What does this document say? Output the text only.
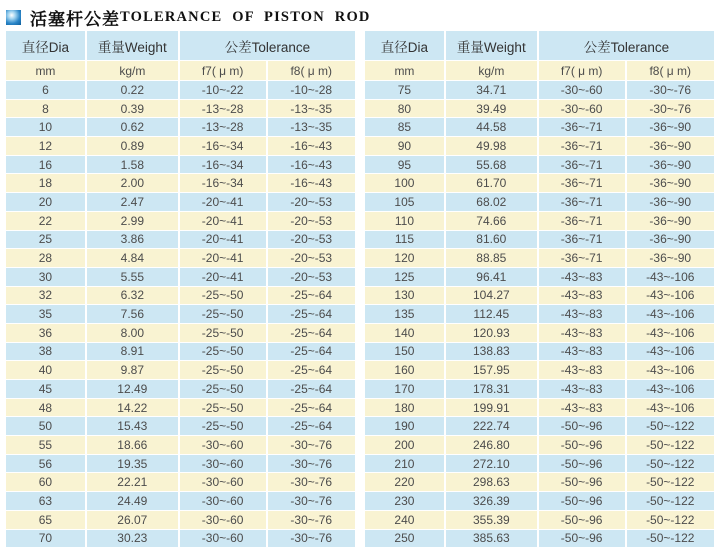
活塞杆公差 TOLERANCE OF PISTON ROD
直径Dia	重量Weight	公差Tolerance	
mm	kg/m	f7( μ m)	f8( μ m)
6	0.22	-10~-22	-10~-28
8	0.39	-13~-28	-13~-35
10	0.62	-13~-28	-13~-35
12	0.89	-16~-34	-16~-43
16	1.58	-16~-34	-16~-43
18	2.00	-16~-34	-16~-43
20	2.47	-20~-41	-20~-53
22	2.99	-20~-41	-20~-53
25	3.86	-20~-41	-20~-53
28	4.84	-20~-41	-20~-53
30	5.55	-20~-41	-20~-53
32	6.32	-25~-50	-25~-64
35	7.56	-25~-50	-25~-64
36	8.00	-25~-50	-25~-64
38	8.91	-25~-50	-25~-64
40	9.87	-25~-50	-25~-64
45	12.49	-25~-50	-25~-64
48	14.22	-25~-50	-25~-64
50	15.43	-25~-50	-25~-64
55	18.66	-30~-60	-30~-76
56	19.35	-30~-60	-30~-76
60	22.21	-30~-60	-30~-76
63	24.49	-30~-60	-30~-76
65	26.07	-30~-60	-30~-76
70	30.23	-30~-60	-30~-76
直径Dia	重量Weight	公差Tolerance	
mm	kg/m	f7( μ m)	f8( μ m)
75	34.71	-30~-60	-30~-76
80	39.49	-30~-60	-30~-76
85	44.58	-36~-71	-36~-90
90	49.98	-36~-71	-36~-90
95	55.68	-36~-71	-36~-90
100	61.70	-36~-71	-36~-90
105	68.02	-36~-71	-36~-90
110	74.66	-36~-71	-36~-90
115	81.60	-36~-71	-36~-90
120	88.85	-36~-71	-36~-90
125	96.41	-43~-83	-43~-106
130	104.27	-43~-83	-43~-106
135	112.45	-43~-83	-43~-106
140	120.93	-43~-83	-43~-106
150	138.83	-43~-83	-43~-106
160	157.95	-43~-83	-43~-106
170	178.31	-43~-83	-43~-106
180	199.91	-43~-83	-43~-106
190	222.74	-50~-96	-50~-122
200	246.80	-50~-96	-50~-122
210	272.10	-50~-96	-50~-122
220	298.63	-50~-96	-50~-122
230	326.39	-50~-96	-50~-122
240	355.39	-50~-96	-50~-122
250	385.63	-50~-96	-50~-122
